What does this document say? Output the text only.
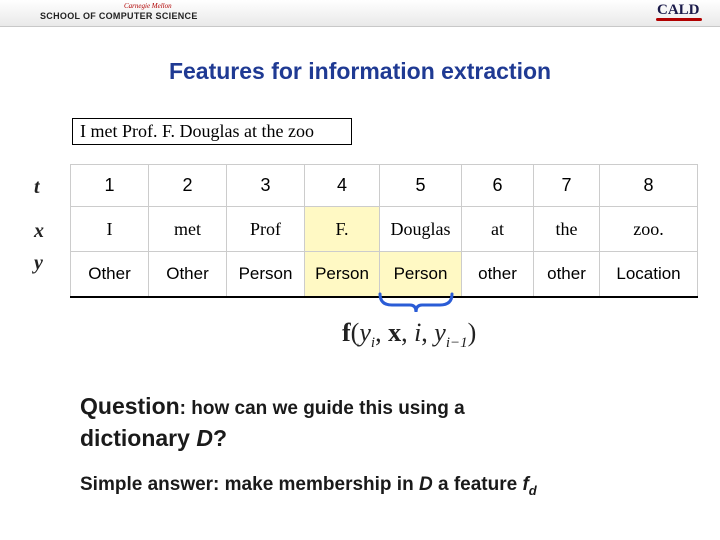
Carnegie Mellon
SCHOOL OF COMPUTER SCIENCE	CALD
Features for information extraction
I met Prof. F. Douglas at the zoo
t
x
y
1	2	3	4	5	6	7	8
I	met	Prof	F.	Douglas	at	the	zoo.
Other	Other	Person	Person	Person	other	other	Location
$f(y_i$, x, i, $y_{i-1}$)
Question: how can we guide this using a
dictionary D?
Simple answer: make membership in D a feature $f_d$
